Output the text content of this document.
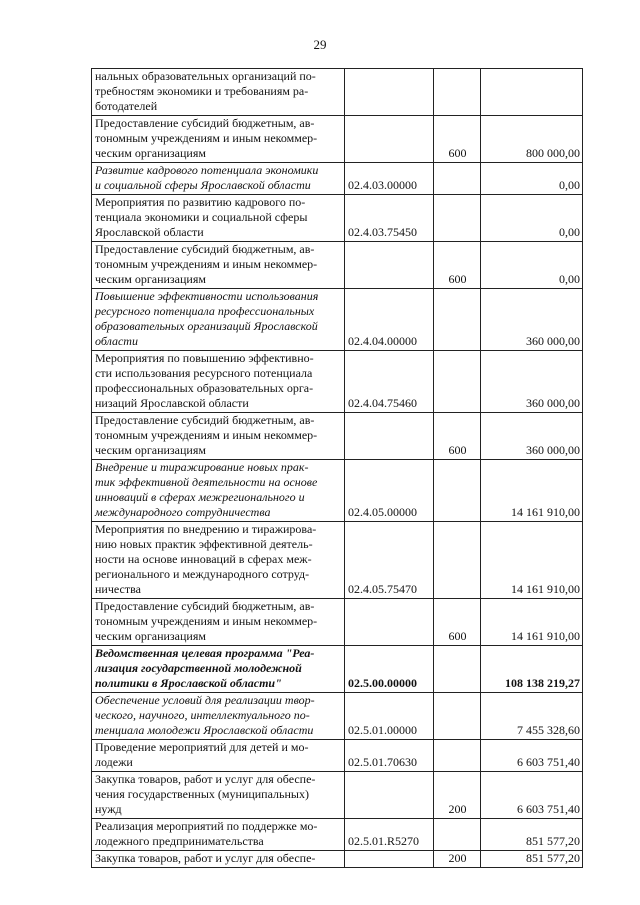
29
нальных образовательных организаций по-
требностям экономики и требованиям ра-
ботодателей			
Предоставление субсидий бюджетным, ав-
тономным учреждениям и иным некоммер-
ческим организациям		600	800 000,00
Развитие кадрового потенциала экономики
и социальной сферы Ярославской области	02.4.03.00000		0,00
Мероприятия по развитию кадрового по-
тенциала экономики и социальной сферы
Ярославской области	02.4.03.75450		0,00
Предоставление субсидий бюджетным, ав-
тономным учреждениям и иным некоммер-
ческим организациям		600	0,00
Повышение эффективности использования
ресурсного потенциала профессиональных
образовательных организаций Ярославской
области	02.4.04.00000		360 000,00
Мероприятия по повышению эффективно-
сти использования ресурсного потенциала
профессиональных образовательных орга-
низаций Ярославской области	02.4.04.75460		360 000,00
Предоставление субсидий бюджетным, ав-
тономным учреждениям и иным некоммер-
ческим организациям		600	360 000,00
Внедрение и тиражирование новых прак-
тик эффективной деятельности на основе
инноваций в сферах межрегионального и
международного сотрудничества	02.4.05.00000		14 161 910,00
Мероприятия по внедрению и тиражирова-
нию новых практик эффективной деятель-
ности на основе инноваций в сферах меж-
регионального и международного сотруд-
ничества	02.4.05.75470		14 161 910,00
Предоставление субсидий бюджетным, ав-
тономным учреждениям и иным некоммер-
ческим организациям		600	14 161 910,00
Ведомственная целевая программа "Реа-
лизация государственной молодежной
политики в Ярославской области"	02.5.00.00000		108 138 219,27
Обеспечение условий для реализации твор-
ческого, научного, интеллектуального по-
тенциала молодежи Ярославской области	02.5.01.00000		7 455 328,60
Проведение мероприятий для детей и мо-
лодежи	02.5.01.70630		6 603 751,40
Закупка товаров, работ и услуг для обеспе-
чения государственных (муниципальных)
нужд		200	6 603 751,40
Реализация мероприятий по поддержке мо-
лодежного предпринимательства	02.5.01.R5270		851 577,20
Закупка товаров, работ и услуг для обеспе-		200	851 577,20
